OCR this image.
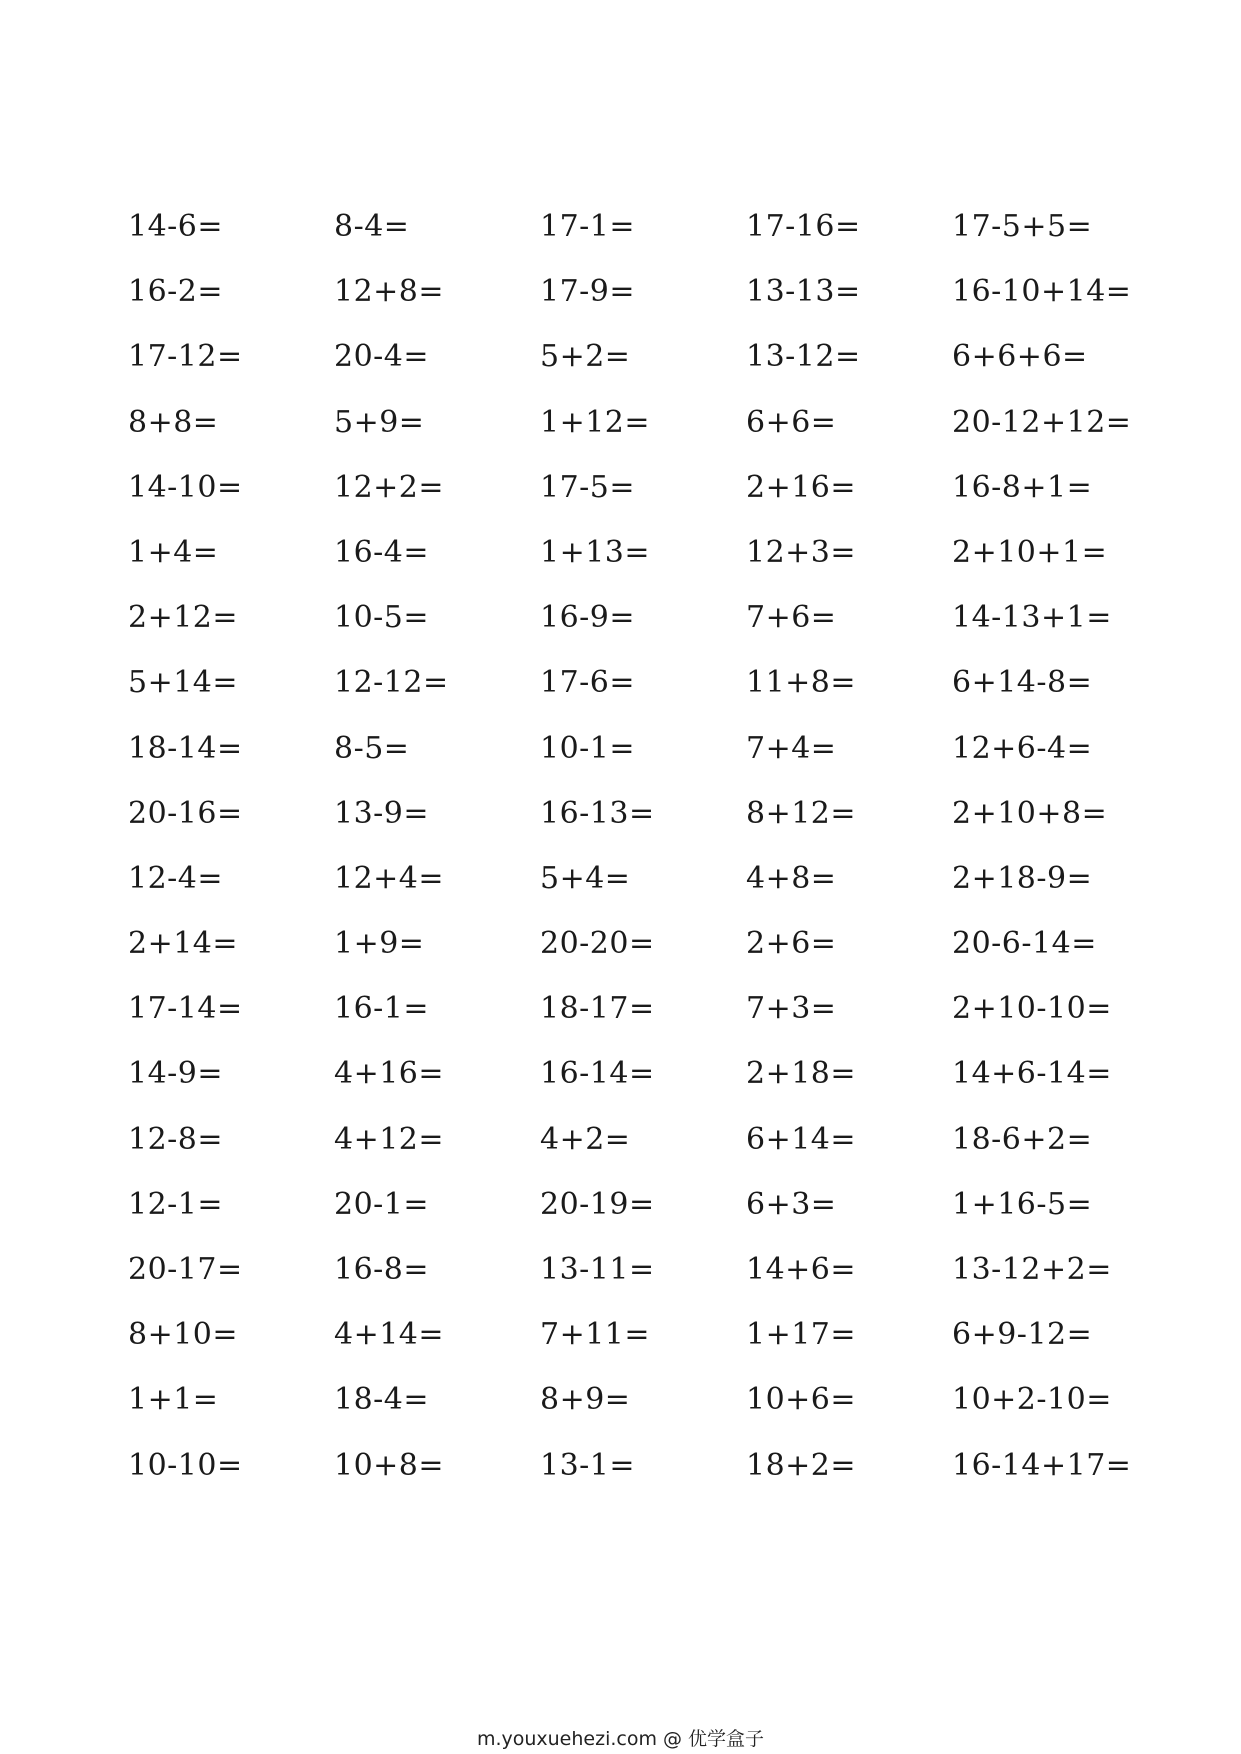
14-6=	8-4=	17-1=	17-16=	17-5+5=
16-2=	12+8=	17-9=	13-13=	16-10+14=
17-12=	20-4=	5+2=	13-12=	6+6+6=
8+8=	5+9=	1+12=	6+6=	20-12+12=
14-10=	12+2=	17-5=	2+16=	16-8+1=
1+4=	16-4=	1+13=	12+3=	2+10+1=
2+12=	10-5=	16-9=	7+6=	14-13+1=
5+14=	12-12=	17-6=	11+8=	6+14-8=
18-14=	8-5=	10-1=	7+4=	12+6-4=
20-16=	13-9=	16-13=	8+12=	2+10+8=
12-4=	12+4=	5+4=	4+8=	2+18-9=
2+14=	1+9=	20-20=	2+6=	20-6-14=
17-14=	16-1=	18-17=	7+3=	2+10-10=
14-9=	4+16=	16-14=	2+18=	14+6-14=
12-8=	4+12=	4+2=	6+14=	18-6+2=
12-1=	20-1=	20-19=	6+3=	1+16-5=
20-17=	16-8=	13-11=	14+6=	13-12+2=
8+10=	4+14=	7+11=	1+17=	6+9-12=
1+1=	18-4=	8+9=	10+6=	10+2-10=
10-10=	10+8=	13-1=	18+2=	16-14+17=
m.youxuehezi.com @ 优学盒子
